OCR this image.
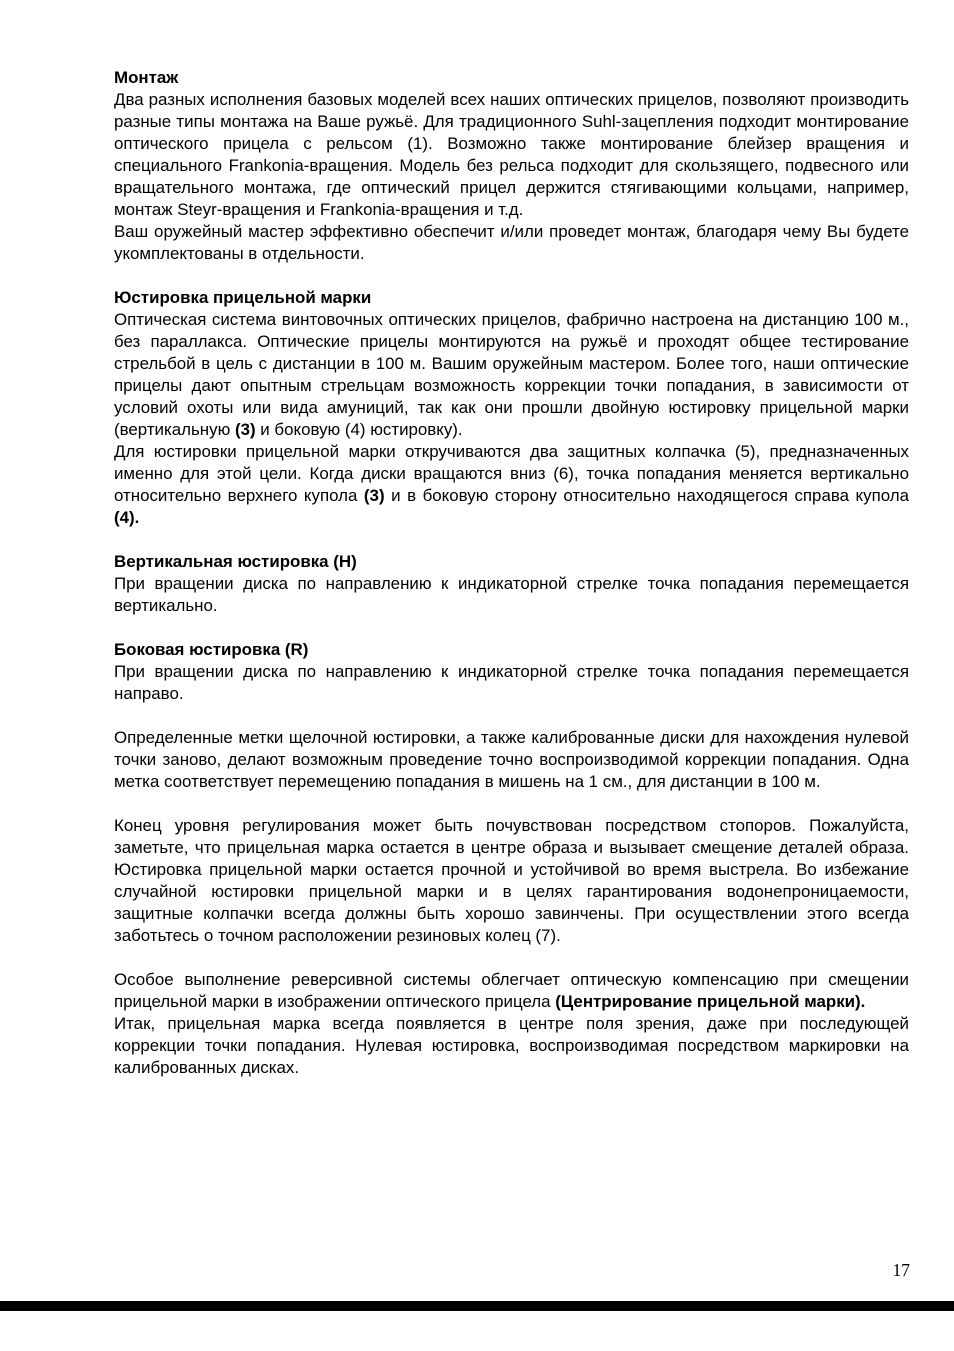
Монтаж
Два разных исполнения базовых моделей всех наших оптических прицелов, позволяют производить разные типы монтажа на Ваше ружьё. Для традиционного Suhl-зацепления подходит монтирование оптического прицела с рельсом (1). Возможно также монтирование блейзер вращения и специального Frankonia-вращения. Модель без рельса подходит для скользящего, подвесного или вращательного монтажа, где оптический прицел держится стягивающими кольцами, например, монтаж Steyr-вращения и Frankonia-вращения и т.д.
Ваш оружейный мастер эффективно обеспечит и/или проведет монтаж, благодаря чему Вы будете укомплектованы в отдельности.
Юстировка прицельной марки
Оптическая система винтовочных оптических прицелов, фабрично настроена на дистанцию 100 м., без параллакса. Оптические прицелы монтируются на ружьё и проходят общее тестирование стрельбой в цель с дистанции в 100 м. Вашим оружейным мастером. Более того, наши оптические прицелы дают опытным стрельцам возможность коррекции точки попадания, в зависимости от условий охоты или вида амуниций, так как они прошли двойную юстировку прицельной марки (вертикальную (3) и боковую (4) юстировку).
Для юстировки прицельной марки откручиваются два защитных колпачка (5), предназначенных именно для этой цели. Когда диски вращаются вниз (6), точка попадания меняется вертикально относительно верхнего купола (3) и в боковую сторону относительно находящегося справа купола (4).
Вертикальная юстировка (H)
При вращении диска по направлению к индикаторной стрелке точка попадания перемещается вертикально.
Боковая юстировка (R)
При вращении диска по направлению к индикаторной стрелке точка попадания перемещается направо.
Определенные метки щелочной юстировки, а также калиброванные диски для нахождения нулевой точки заново, делают возможным проведение точно воспроизводимой коррекции попадания. Одна метка соответствует перемещению попадания в мишень на 1 см., для дистанции в 100 м.
Конец уровня регулирования может быть почувствован посредством стопоров. Пожалуйста, заметьте, что прицельная марка остается в центре образа и вызывает смещение деталей образа. Юстировка прицельной марки остается прочной и устойчивой во время выстрела. Во избежание случайной юстировки прицельной марки и в целях гарантирования водонепроницаемости, защитные колпачки всегда должны быть хорошо завинчены. При осуществлении этого всегда заботьтесь о точном расположении резиновых колец (7).
Особое выполнение реверсивной системы облегчает оптическую компенсацию при смещении прицельной марки в изображении оптического прицела (Центрирование прицельной марки).
Итак, прицельная марка всегда появляется в центре поля зрения, даже при последующей коррекции точки попадания. Нулевая юстировка, воспроизводимая посредством маркировки на калиброванных дисках.
17
